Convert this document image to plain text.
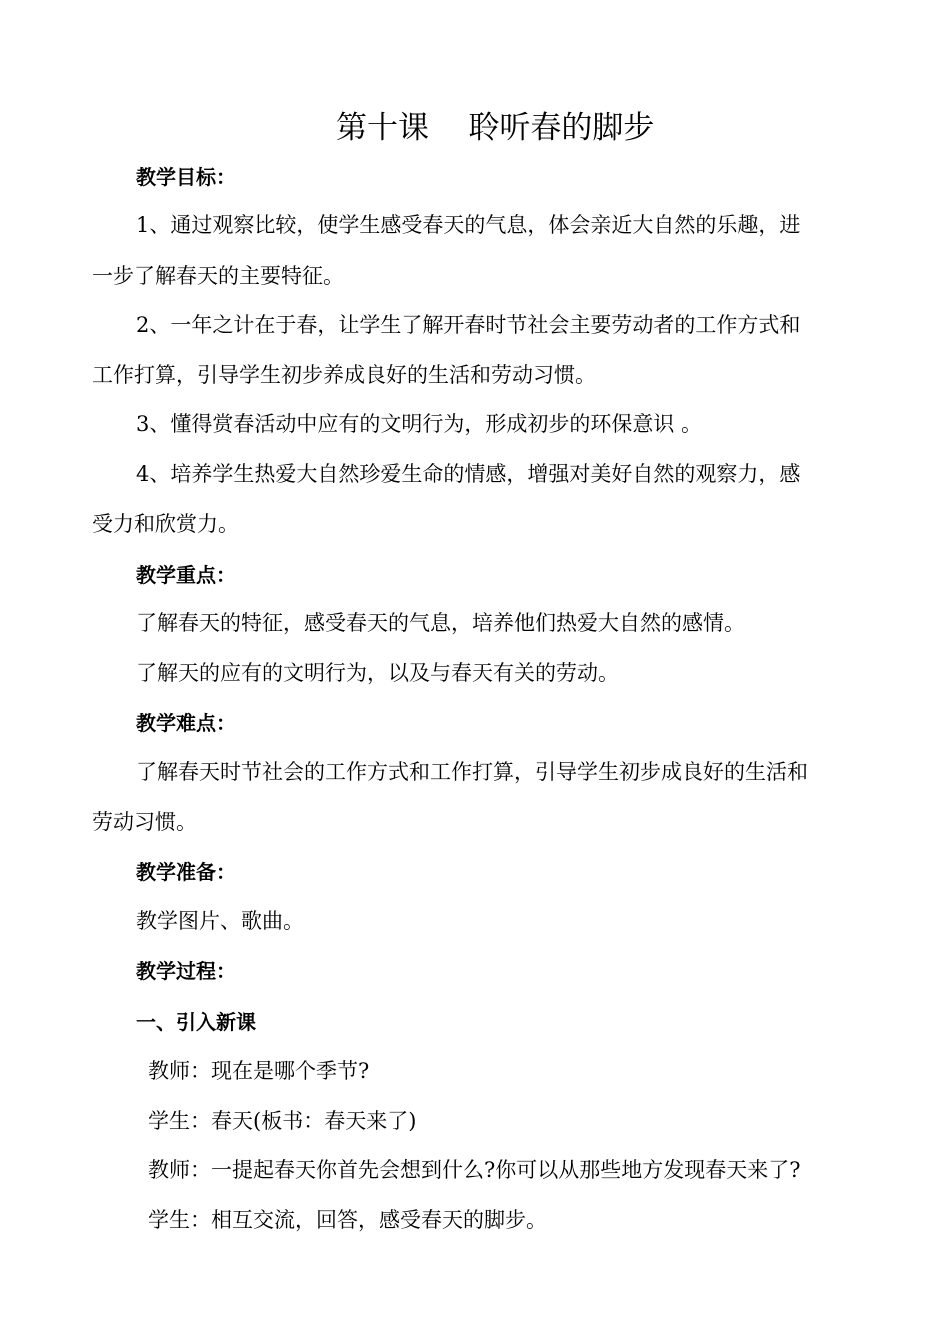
第十课    聆听春的脚步
教学目标：
1、通过观察比较，使学生感受春天的气息，体会亲近大自然的乐趣，进
一步了解春天的主要特征。
2、一年之计在于春，让学生了解开春时节社会主要劳动者的工作方式和
工作打算，引导学生初步养成良好的生活和劳动习惯。
3、懂得赏春活动中应有的文明行为，形成初步的环保意识 。
4、培养学生热爱大自然珍爱生命的情感，增强对美好自然的观察力，感
受力和欣赏力。
教学重点：
了解春天的特征，感受春天的气息，培养他们热爱大自然的感情。
了解天的应有的文明行为，以及与春天有关的劳动。
教学难点：
了解春天时节社会的工作方式和工作打算，引导学生初步成良好的生活和
劳动习惯。
教学准备：
教学图片、歌曲。
教学过程：
一、引入新课
教师：现在是哪个季节?
学生：春天(板书：春天来了)
教师：一提起春天你首先会想到什么?你可以从那些地方发现春天来了?
学生：相互交流，回答，感受春天的脚步。
